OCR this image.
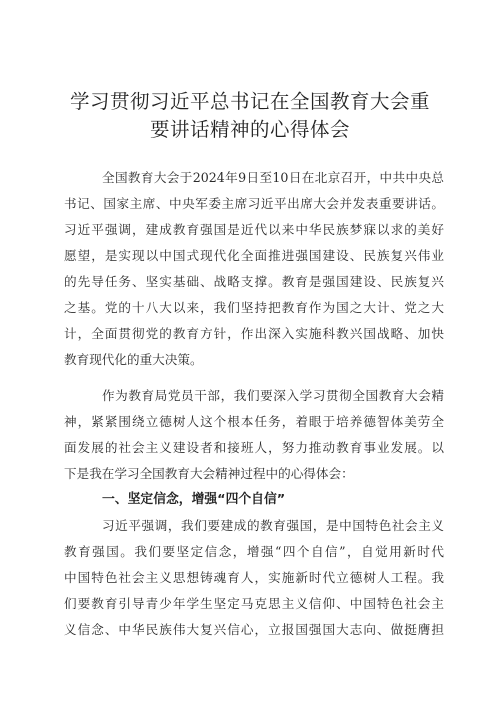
学习贯彻习近平总书记在全国教育大会重
要讲话精神的心得体会
全国教育大会于2024年9日至10日在北京召开，中共中央总
书记、国家主席、中央军委主席习近平出席大会并发表重要讲话。
习近平强调，建成教育强国是近代以来中华民族梦寐以求的美好
愿望，是实现以中国式现代化全面推进强国建设、民族复兴伟业
的先导任务、坚实基础、战略支撑。教育是强国建设、民族复兴
之基。党的十八大以来，我们坚持把教育作为国之大计、党之大
计，全面贯彻党的教育方针，作出深入实施科教兴国战略、加快
教育现代化的重大决策。
作为教育局党员干部，我们要深入学习贯彻全国教育大会精
神，紧紧围绕立德树人这个根本任务，着眼于培养德智体美劳全
面发展的社会主义建设者和接班人，努力推动教育事业发展。以
下是我在学习全国教育大会精神过程中的心得体会：
一、坚定信念，增强“四个自信”
习近平强调，我们要建成的教育强国，是中国特色社会主义
教育强国。我们要坚定信念，增强“四个自信”，自觉用新时代
中国特色社会主义思想铸魂育人，实施新时代立德树人工程。我
们要教育引导青少年学生坚定马克思主义信仰、中国特色社会主
义信念、中华民族伟大复兴信心，立报国强国大志向、做挺膺担
